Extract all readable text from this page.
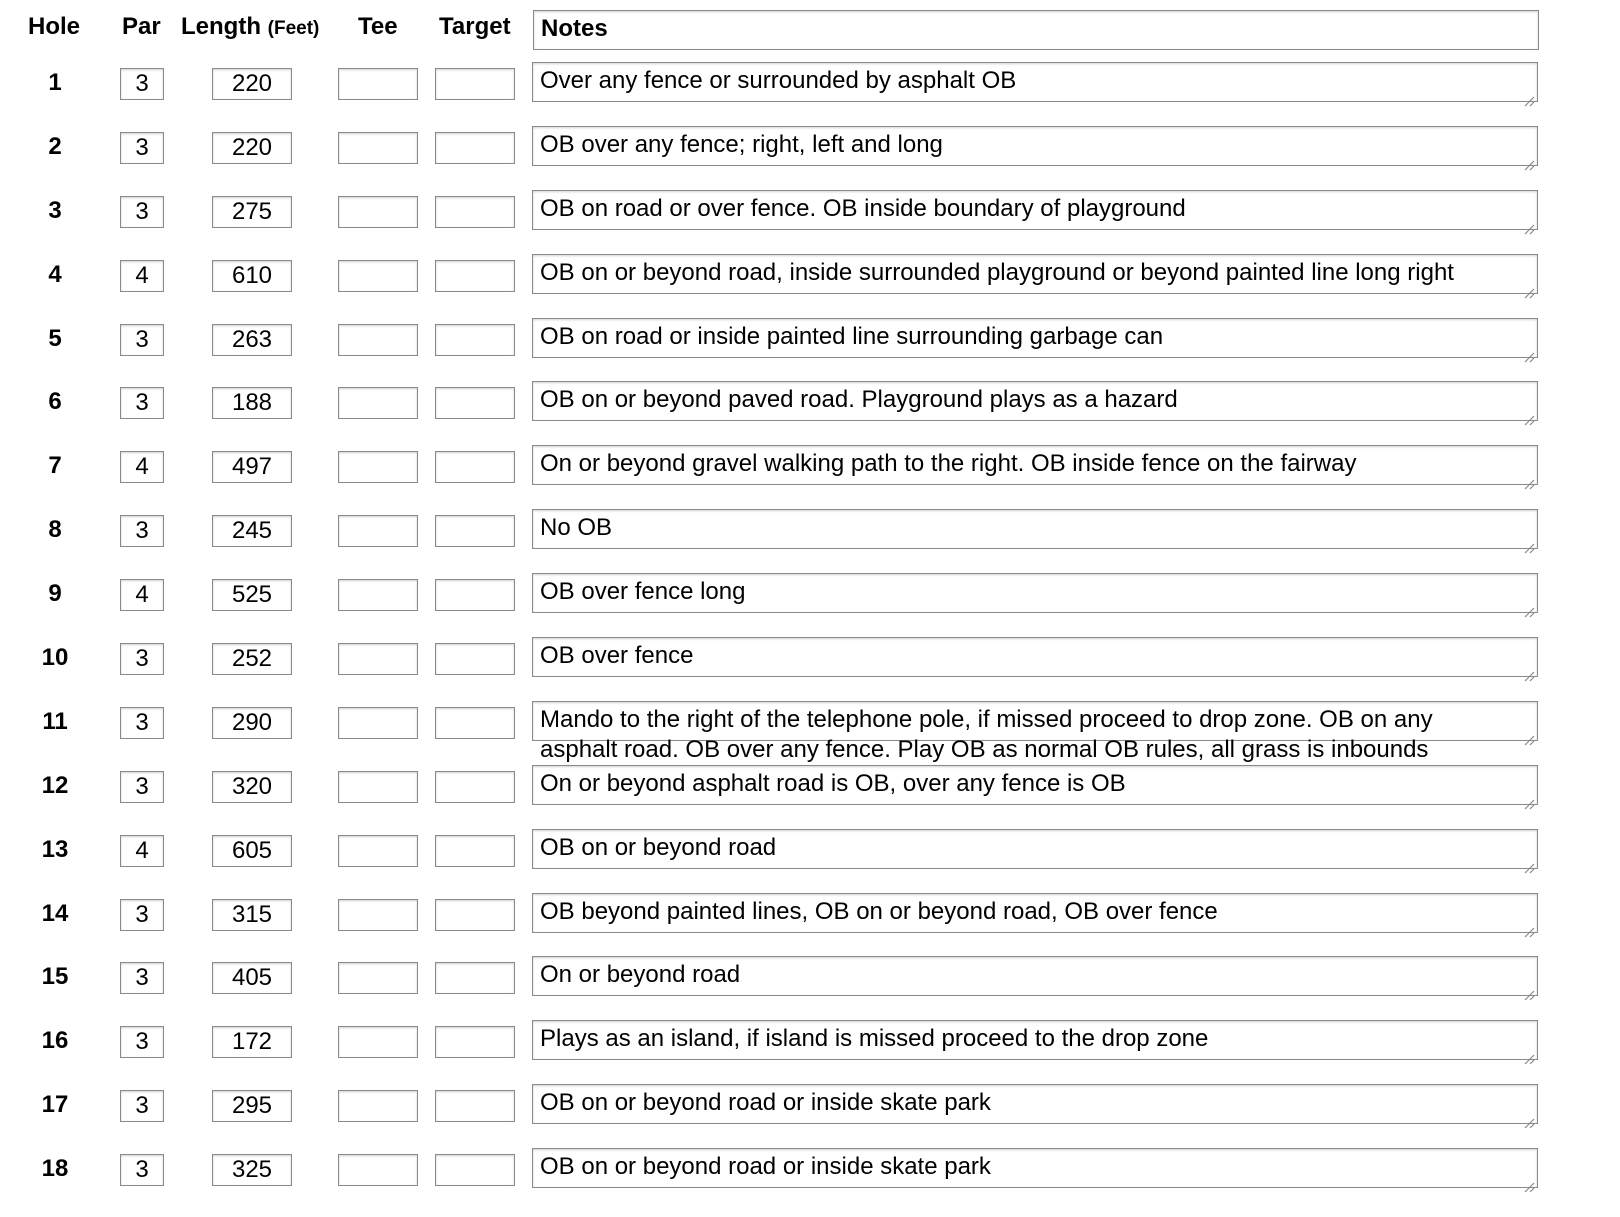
Hole Par Length (Feet) Tee Target	Notes
1	3	220	Over any fence or surrounded by asphalt OB
2	3	220	OB over any fence; right, left and long
3	3	275	OB on road or over fence. OB inside boundary of playground
4	4	610	OB on or beyond road, inside surrounded playground or beyond painted line long right
5	3	263	OB on road or inside painted line surrounding garbage can
6	3	188	OB on or beyond paved road. Playground plays as a hazard
7	4	497	On or beyond gravel walking path to the right. OB inside fence on the fairway
8	3	245	No OB
9	4	525	OB over fence long
10	3	252	OB over fence
11	3	290	Mando to the right of the telephone pole, if missed proceed to drop zone. OB on any asphalt road. OB over any fence. Play OB as normal OB rules, all grass is inbounds
12	3	320	On or beyond asphalt road is OB, over any fence is OB
13	4	605	OB on or beyond road
14	3	315	OB beyond painted lines, OB on or beyond road, OB over fence
15	3	405	On or beyond road
16	3	172	Plays as an island, if island is missed proceed to the drop zone
17	3	295	OB on or beyond road or inside skate park
18	3	325	OB on or beyond road or inside skate park
